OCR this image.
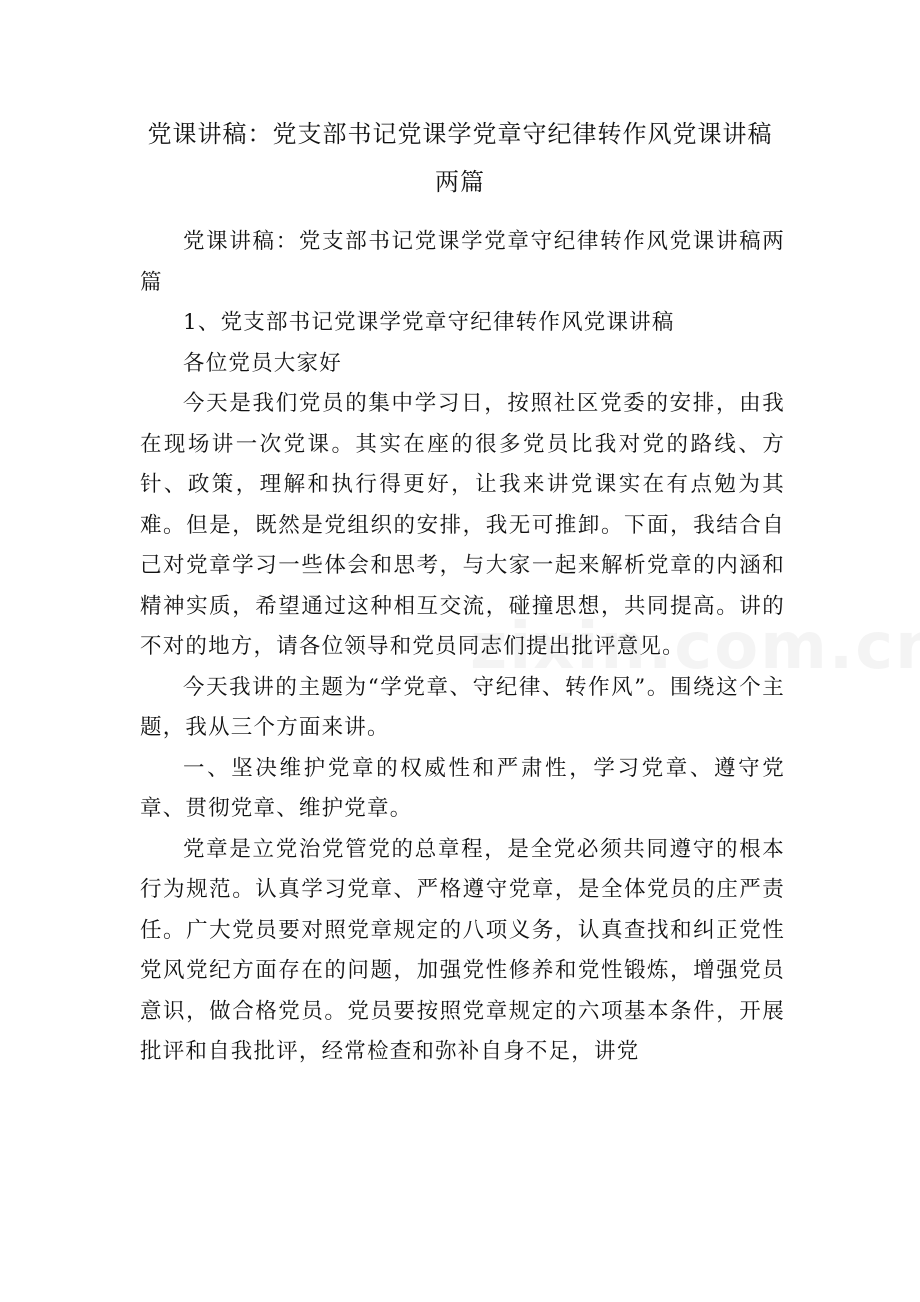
党课讲稿：党支部书记党课学党章守纪律转作风党课讲稿两篇

党课讲稿：党支部书记党课学党章守纪律转作风党课讲稿两篇

1、党支部书记党课学党章守纪律转作风党课讲稿

各位党员大家好

今天是我们党员的集中学习日，按照社区党委的安排，由我在现场讲一次党课。其实在座的很多党员比我对党的路线、方针、政策，理解和执行得更好，让我来讲党课实在有点勉为其难。但是，既然是党组织的安排，我无可推卸。下面，我结合自己对党章学习一些体会和思考，与大家一起来解析党章的内涵和精神实质，希望通过这种相互交流，碰撞思想，共同提高。讲的不对的地方，请各位领导和党员同志们提出批评意见。

今天我讲的主题为“学党章、守纪律、转作风”。围绕这个主题，我从三个方面来讲。

一、坚决维护党章的权威性和严肃性，学习党章、遵守党章、贯彻党章、维护党章。

党章是立党治党管党的总章程，是全党必须共同遵守的根本行为规范。认真学习党章、严格遵守党章，是全体党员的庄严责任。广大党员要对照党章规定的八项义务，认真查找和纠正党性党风党纪方面存在的问题，加强党性修养和党性锻炼，增强党员意识，做合格党员。党员要按照党章规定的六项基本条件，开展批评和自我批评，经常检查和弥补自身不足，讲党
